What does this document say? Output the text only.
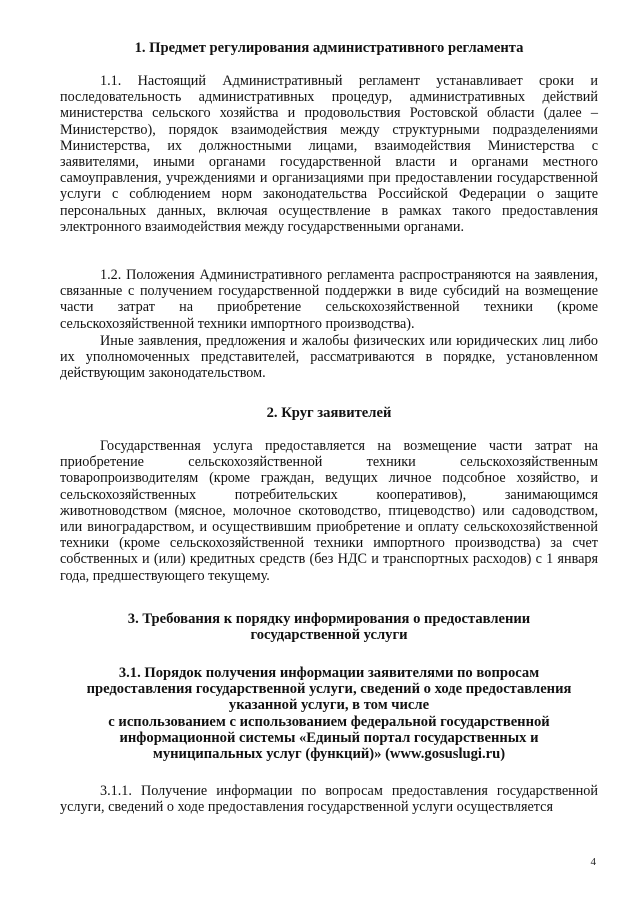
1. Предмет регулирования административного регламента

1.1. Настоящий Административный регламент устанавливает сроки и последовательность административных процедур, административных действий министерства сельского хозяйства и продовольствия Ростовской области (далее – Министерство), порядок взаимодействия между структурными подразделениями Министерства, их должностными лицами, взаимодействия Министерства с заявителями, иными органами государственной власти и органами местного самоуправления, учреждениями и организациями при предоставлении государственной услуги с соблюдением норм законодательства Российской Федерации о защите персональных данных, включая осуществление в рамках такого предоставления электронного взаимодействия между государственными органами.

1.2. Положения Административного регламента распространяются на заявления, связанные с получением государственной поддержки в виде субсидий на возмещение части затрат на приобретение сельскохозяйственной техники (кроме сельскохозяйственной техники импортного производства).

Иные заявления, предложения и жалобы физических или юридических лиц либо их уполномоченных представителей, рассматриваются в порядке, установленном действующим законодательством.

2. Круг заявителей

Государственная услуга предоставляется на возмещение части затрат на приобретение сельскохозяйственной техники сельскохозяйственным товаропроизводителям (кроме граждан, ведущих личное подсобное хозяйство, и сельскохозяйственных потребительских кооперативов), занимающимся животноводством (мясное, молочное скотоводство, птицеводство) или садоводством, или виноградарством, и осуществившим приобретение и оплату сельскохозяйственной техники (кроме сельскохозяйственной техники импортного производства) за счет собственных и (или) кредитных средств (без НДС и транспортных расходов) с 1 января года, предшествующего текущему.

3. Требования к порядку информирования о предоставлении
государственной услуги
3.1. Порядок получения информации заявителями по вопросам
предоставления государственной услуги, сведений о ходе предоставления
указанной услуги, в том числе
с использованием с использованием федеральной государственной
информационной системы «Единый портал государственных и
муниципальных услуг (функций)» (www.gosuslugi.ru)

3.1.1. Получение информации по вопросам предоставления государственной услуги, сведений о ходе предоставления государственной услуги осуществляется

4
